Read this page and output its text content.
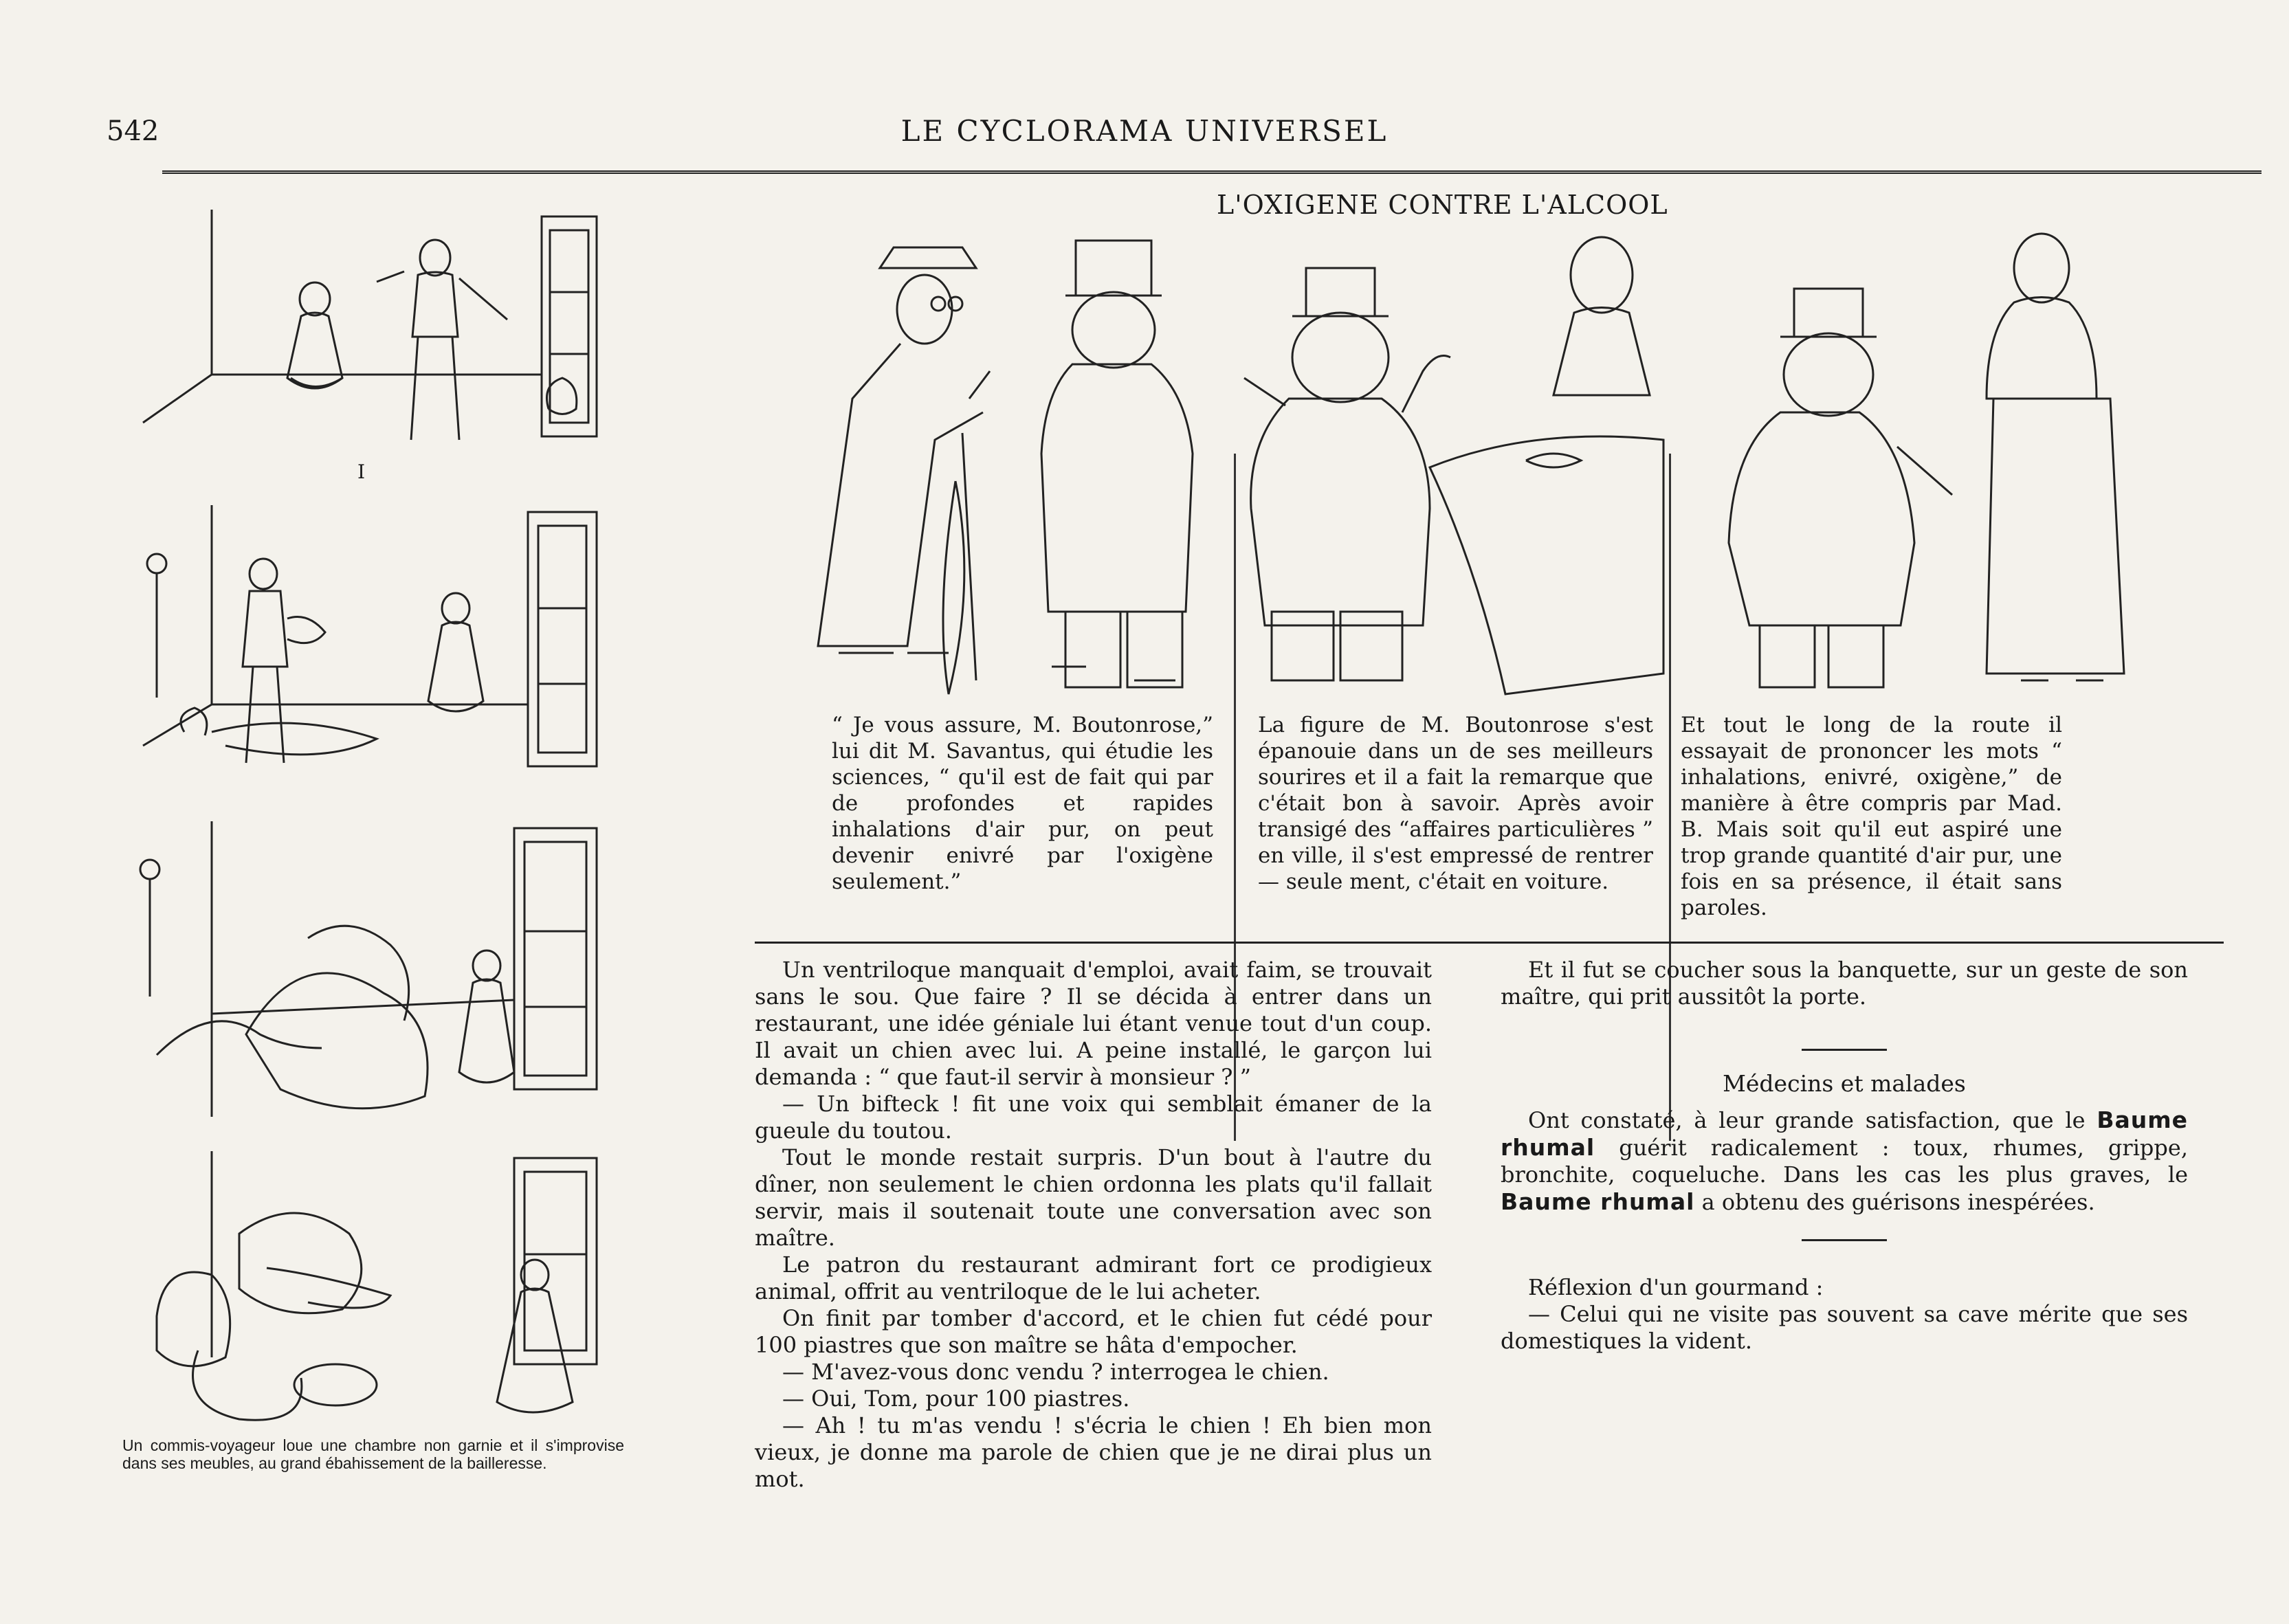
542	LE CYCLORAMA UNIVERSEL
I
Un commis-voyageur loue une chambre non garnie et il s'improvise dans ses meubles, au grand ébahissement de la bailleresse.
L'OXIGENE CONTRE L'ALCOOL
“ Je vous assure, M. Boutonrose,” lui dit M. Savantus, qui étudie les sciences, “ qu'il est de fait qui par de profondes et rapides inhalations d'air pur, on peut devenir enivré par l'oxigène seulement.”
La figure de M. Boutonrose s'est épanouie dans un de ses meilleurs sourires et il a fait la remarque que c'était bon à savoir. Après avoir transigé des “affaires particulières ” en ville, il s'est empressé de rentrer — seule ment, c'était en voiture.
Et tout le long de la route il essayait de prononcer les mots “ inhalations, enivré, oxigène,” de manière à être compris par Mad. B. Mais soit qu'il eut aspiré une trop grande quantité d'air pur, une fois en sa présence, il était sans paroles.

Un ventriloque manquait d'emploi, avait faim, se trouvait sans le sou. Que faire ? Il se décida à entrer dans un restaurant, une idée géniale lui étant venue tout d'un coup. Il avait un chien avec lui. A peine installé, le garçon lui demanda : “ que faut-il servir à monsieur ? ”

— Un bifteck ! fit une voix qui semblait émaner de la gueule du toutou.

Tout le monde restait surpris. D'un bout à l'autre du dîner, non seulement le chien ordonna les plats qu'il fallait servir, mais il soutenait toute une conversation avec son maître.

Le patron du restaurant admirant fort ce prodigieux animal, offrit au ventriloque de le lui acheter.

On finit par tomber d'accord, et le chien fut cédé pour 100 piastres que son maître se hâta d'empocher.

— M'avez-vous donc vendu ? interrogea le chien.

— Oui, Tom, pour 100 piastres.

— Ah ! tu m'as vendu ! s'écria le chien ! Eh bien mon vieux, je donne ma parole de chien que je ne dirai plus un mot.

Et il fut se coucher sous la banquette, sur un geste de son maître, qui prit aussitôt la porte.

Médecins et malades

Ont constaté, à leur grande satisfaction, que le Baume rhumal guérit radicalement : toux, rhumes, grippe, bronchite, coqueluche. Dans les cas les plus graves, le Baume rhumal a obtenu des guérisons inespérées.

Réflexion d'un gourmand :

— Celui qui ne visite pas souvent sa cave mérite que ses domestiques la vident.
